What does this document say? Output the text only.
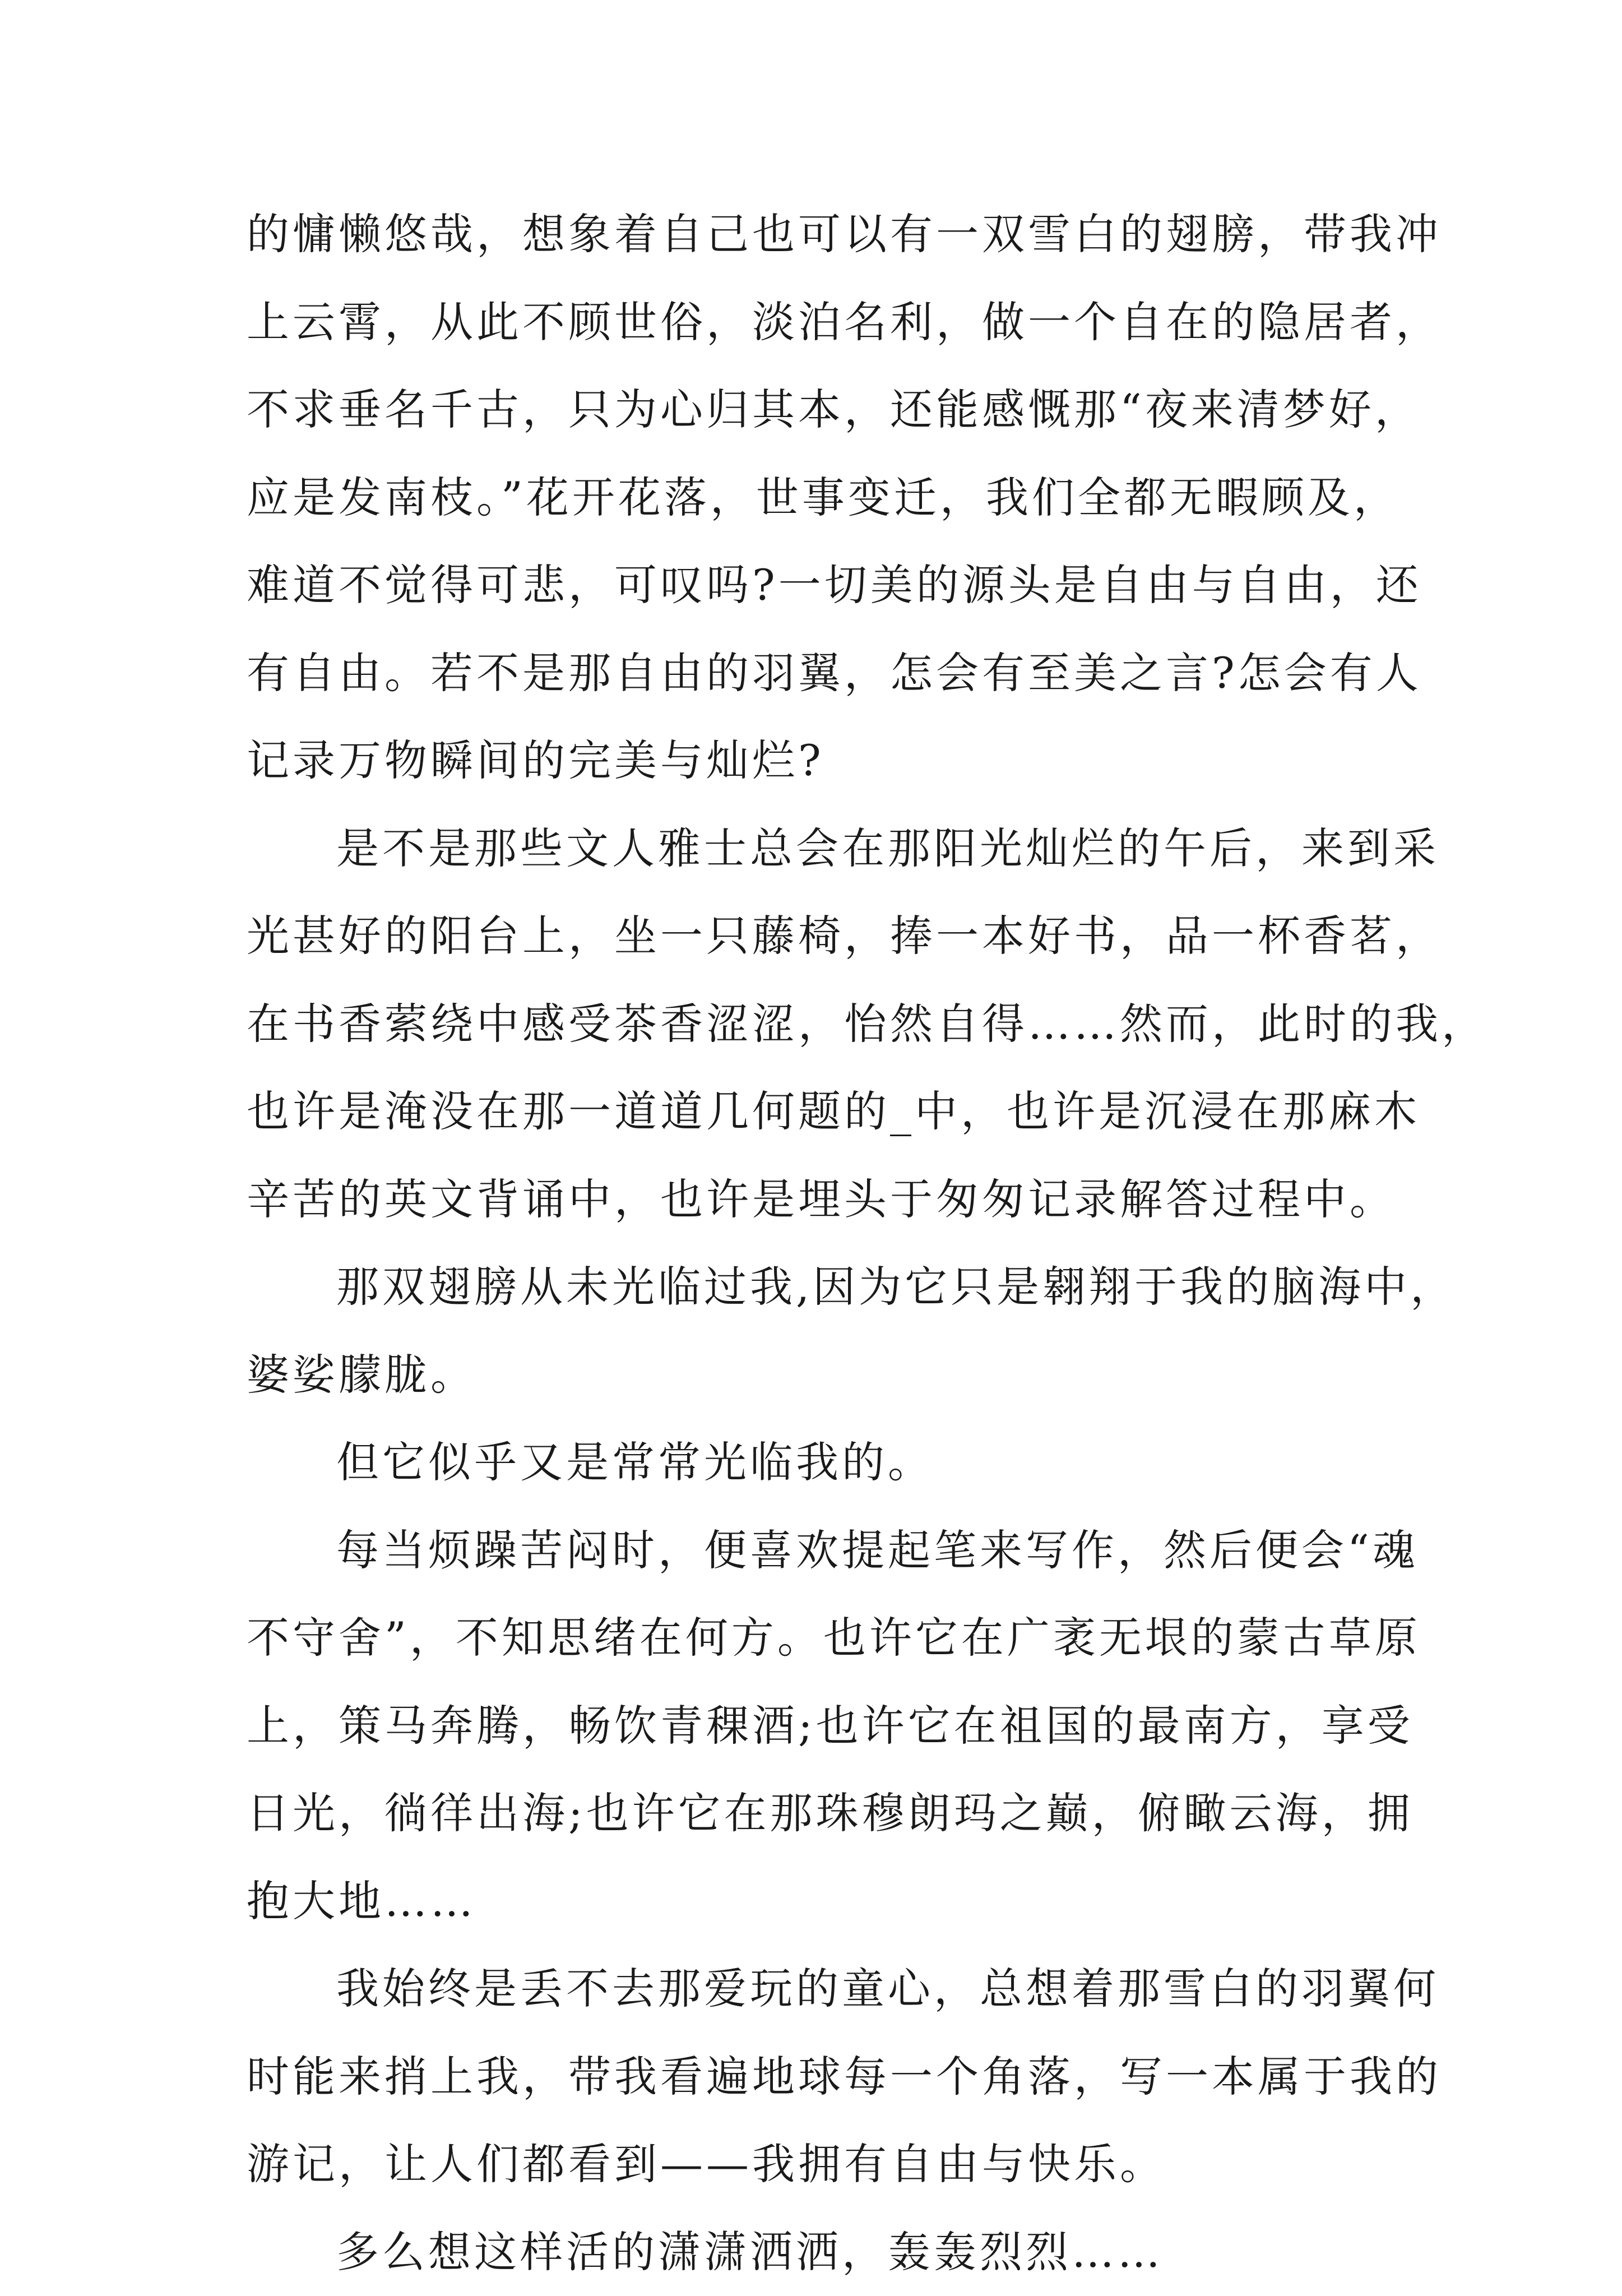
的慵懒悠哉，想象着自己也可以有一双雪白的翅膀，带我冲
上云霄，从此不顾世俗，淡泊名利，做一个自在的隐居者，
不求垂名千古，只为心归其本，还能感慨那“夜来清梦好，
应是发南枝。”花开花落，世事变迁，我们全都无暇顾及，
难道不觉得可悲，可叹吗?一切美的源头是自由与自由，还
有自由。若不是那自由的羽翼，怎会有至美之言?怎会有人
记录万物瞬间的完美与灿烂?
是不是那些文人雅士总会在那阳光灿烂的午后，来到采
光甚好的阳台上，坐一只藤椅，捧一本好书，品一杯香茗，
在书香萦绕中感受茶香涩涩，怡然自得……然而，此时的我，
也许是淹没在那一道道几何题的_中，也许是沉浸在那麻木
辛苦的英文背诵中，也许是埋头于匆匆记录解答过程中。
那双翅膀从未光临过我,因为它只是翱翔于我的脑海中，
婆娑朦胧。
但它似乎又是常常光临我的。
每当烦躁苦闷时，便喜欢提起笔来写作，然后便会“魂
不守舍”，不知思绪在何方。也许它在广袤无垠的蒙古草原
上，策马奔腾，畅饮青稞酒;也许它在祖国的最南方，享受
日光，徜徉出海;也许它在那珠穆朗玛之巅，俯瞰云海，拥
抱大地……
我始终是丢不去那爱玩的童心，总想着那雪白的羽翼何
时能来捎上我，带我看遍地球每一个角落，写一本属于我的
游记，让人们都看到——我拥有自由与快乐。
多么想这样活的潇潇洒洒，轰轰烈烈……
